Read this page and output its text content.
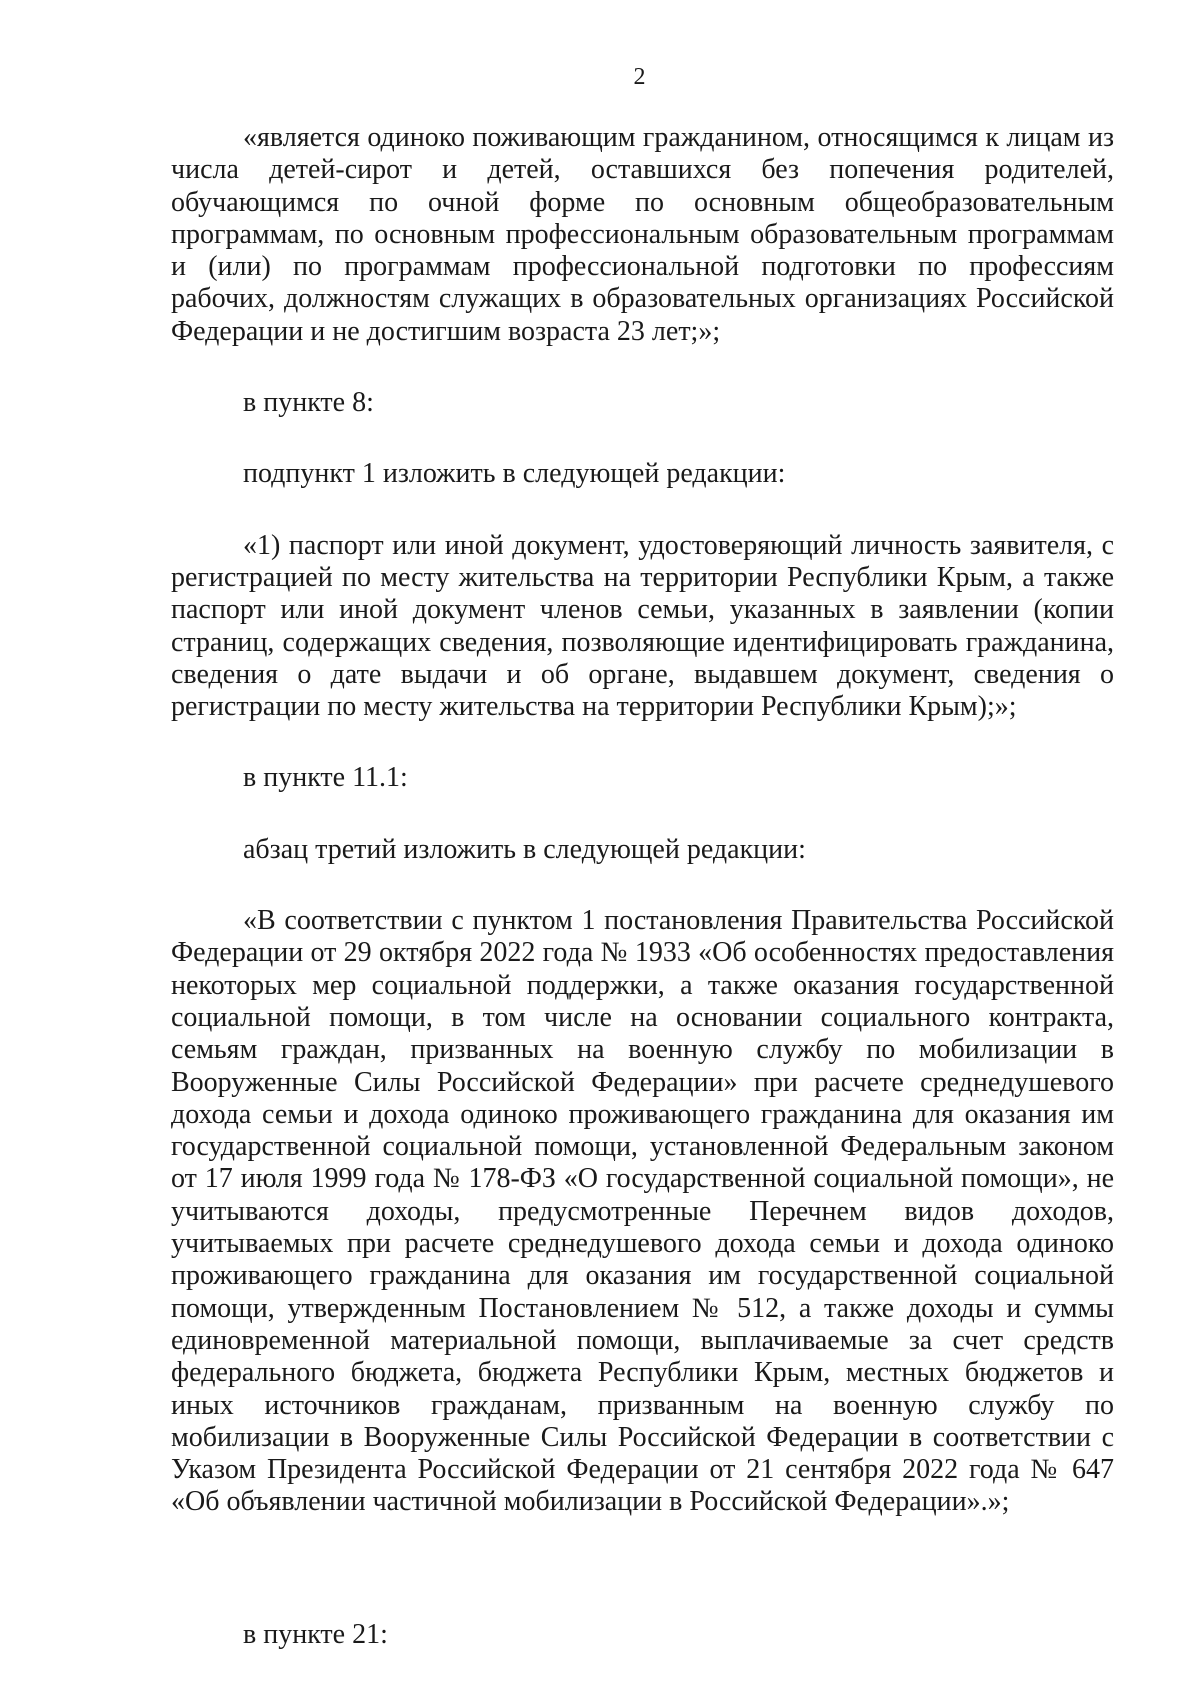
2

«является одиноко поживающим гражданином, относящимся к лицам из числа детей-сирот и детей, оставшихся без попечения родителей, обучающимся по очной форме по основным общеобразовательным программам, по основным профессиональным образовательным программам и (или) по программам профессиональной подготовки по профессиям рабочих, должностям служащих в образовательных организациях Российской Федерации и не достигшим возраста 23 лет;»;

в пункте 8:

подпункт 1 изложить в следующей редакции:

«1) паспорт или иной документ, удостоверяющий личность заявителя, с регистрацией по месту жительства на территории Республики Крым, а также паспорт или иной документ членов семьи, указанных в заявлении (копии страниц, содержащих сведения, позволяющие идентифицировать гражданина, сведения о дате выдачи и об органе, выдавшем документ, сведения о регистрации по месту жительства на территории Республики Крым);»;

в пункте 11.1:

абзац третий изложить в следующей редакции:

«В соответствии с пунктом 1 постановления Правительства Российской Федерации от 29 октября 2022 года № 1933 «Об особенностях предоставления некоторых мер социальной поддержки, а также оказания государственной социальной помощи, в том числе на основании социального контракта, семьям граждан, призванных на военную службу по мобилизации в Вооруженные Силы Российской Федерации» при расчете среднедушевого дохода семьи и дохода одиноко проживающего гражданина для оказания им государственной социальной помощи, установленной Федеральным законом от 17 июля 1999 года № 178-ФЗ «О государственной социальной помощи», не учитываются доходы, предусмотренные Перечнем видов доходов, учитываемых при расчете среднедушевого дохода семьи и дохода одиноко проживающего гражданина для оказания им государственной социальной помощи, утвержденным Постановлением № 512, а также доходы и суммы единовременной материальной помощи, выплачиваемые за счет средств федерального бюджета, бюджета Республики Крым, местных бюджетов и иных источников гражданам, призванным на военную службу по мобилизации в Вооруженные Силы Российской Федерации в соответствии с Указом Президента Российской Федерации от 21 сентября 2022 года № 647 «Об объявлении частичной мобилизации в Российской Федерации».»;

в пункте 21:
